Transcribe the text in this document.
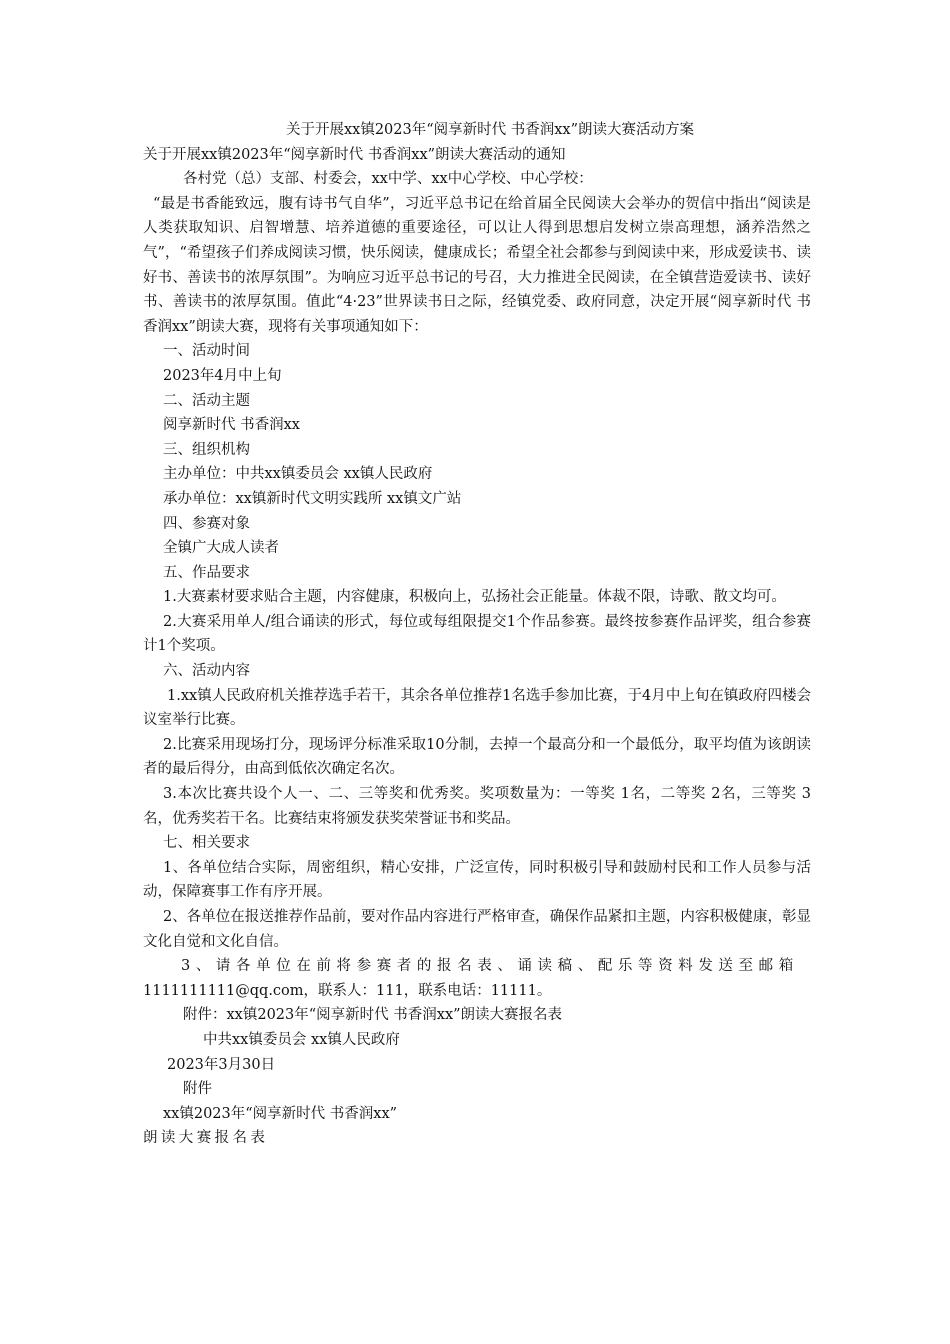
关于开展xx镇2023年“阅享新时代 书香润xx”朗读大赛活动方案

关于开展xx镇2023年“阅享新时代 书香润xx”朗读大赛活动的通知

各村党（总）支部、村委会，xx中学、xx中心学校、中心学校：

“最是书香能致远，腹有诗书气自华”，习近平总书记在给首届全民阅读大会举办的贺信中指出“阅读是人类获取知识、启智增慧、培养道德的重要途径，可以让人得到思想启发树立崇高理想，涵养浩然之气”，“希望孩子们养成阅读习惯，快乐阅读，健康成长；希望全社会都参与到阅读中来，形成爱读书、读好书、善读书的浓厚氛围”。为响应习近平总书记的号召，大力推进全民阅读，在全镇营造爱读书、读好书、善读书的浓厚氛围。值此“4·23”世界读书日之际，经镇党委、政府同意，决定开展“阅享新时代 书香润xx”朗读大赛，现将有关事项通知如下：

一、活动时间

2023年4月中上旬

二、活动主题

阅享新时代 书香润xx

三、组织机构

主办单位：中共xx镇委员会 xx镇人民政府

承办单位：xx镇新时代文明实践所 xx镇文广站

四、参赛对象

全镇广大成人读者

五、作品要求

1.大赛素材要求贴合主题，内容健康，积极向上，弘扬社会正能量。体裁不限，诗歌、散文均可。

2.大赛采用单人/组合诵读的形式，每位或每组限提交1个作品参赛。最终按参赛作品评奖，组合参赛计1个奖项。

六、活动内容

1.xx镇人民政府机关推荐选手若干，其余各单位推荐1名选手参加比赛，于4月中上旬在镇政府四楼会议室举行比赛。

2.比赛采用现场打分，现场评分标准采取10分制，去掉一个最高分和一个最低分，取平均值为该朗读者的最后得分，由高到低依次确定名次。

3.本次比赛共设个人一、二、三等奖和优秀奖。奖项数量为：一等奖 1名，二等奖 2名，三等奖 3名，优秀奖若干名。比赛结束将颁发获奖荣誉证书和奖品。

七、相关要求

1、各单位结合实际，周密组织，精心安排，广泛宣传，同时积极引导和鼓励村民和工作人员参与活动，保障赛事工作有序开展。

2、各单位在报送推荐作品前，要对作品内容进行严格审查，确保作品紧扣主题，内容积极健康，彰显文化自觉和文化自信。

3、请各单位在前将参赛者的报名表、诵读稿、配乐等资料发送至邮箱

1111111111@qq.com，联系人：111，联系电话：11111。

附件：xx镇2023年“阅享新时代 书香润xx”朗读大赛报名表

中共xx镇委员会 xx镇人民政府

2023年3月30日

附件

xx镇2023年“阅享新时代 书香润xx”

朗读大赛报名表
